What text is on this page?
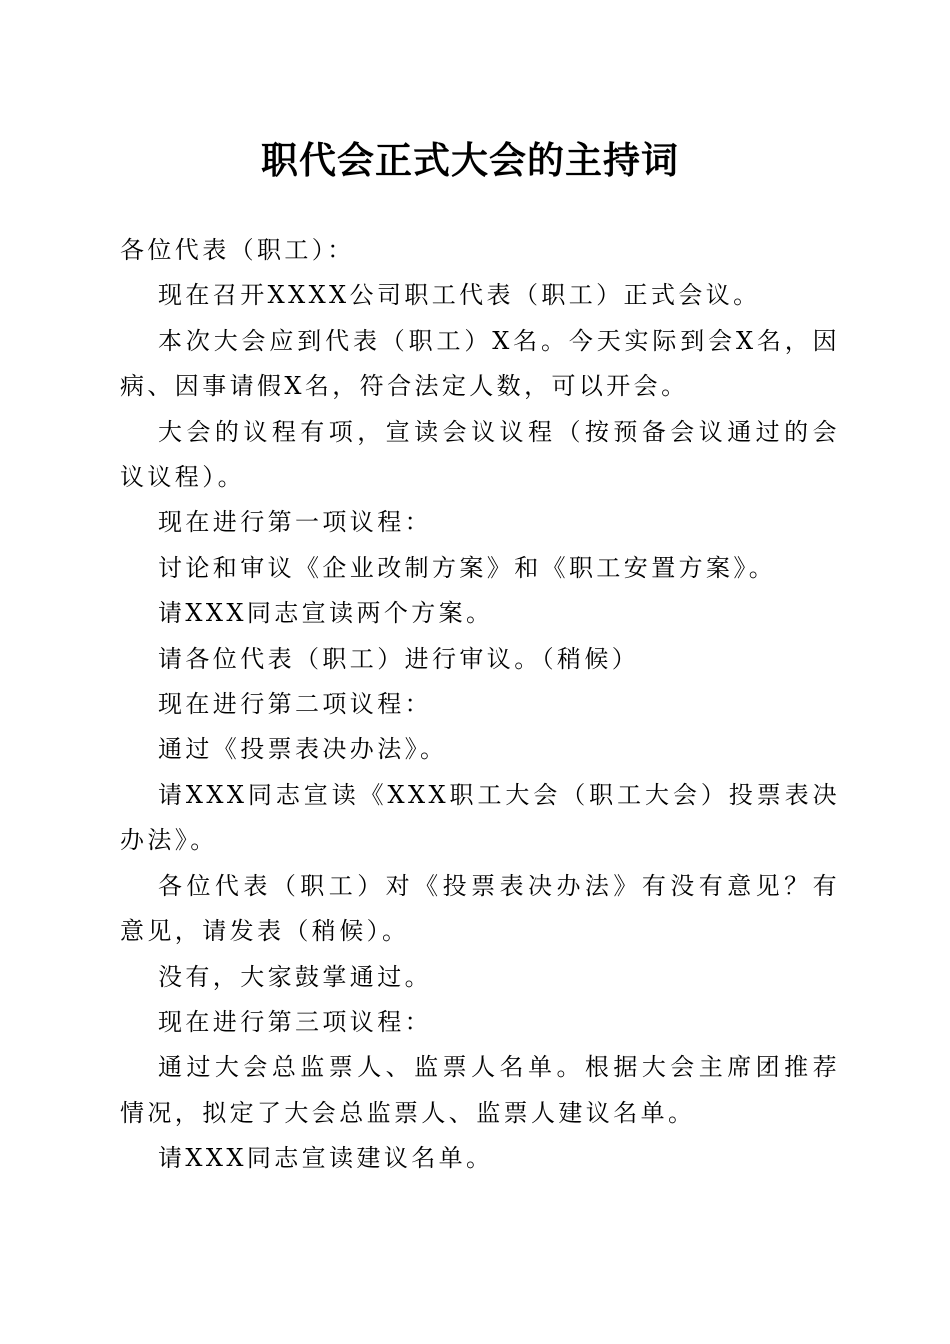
职代会正式大会的主持词

各位代表（职工）：

现在召开XXXX公司职工代表（职工）正式会议。

本次大会应到代表（职工）X名。今天实际到会X名，因病、因事请假X名，符合法定人数，可以开会。

大会的议程有项，宣读会议议程（按预备会议通过的会议议程）。

现在进行第一项议程：

讨论和审议《企业改制方案》和《职工安置方案》。

请XXX同志宣读两个方案。

请各位代表（职工）进行审议。（稍候）

现在进行第二项议程：

通过《投票表决办法》。

请XXX同志宣读《XXX职工大会（职工大会）投票表决办法》。

各位代表（职工）对《投票表决办法》有没有意见？有意见，请发表（稍候）。

没有，大家鼓掌通过。

现在进行第三项议程：

通过大会总监票人、监票人名单。根据大会主席团推荐情况，拟定了大会总监票人、监票人建议名单。

请XXX同志宣读建议名单。
